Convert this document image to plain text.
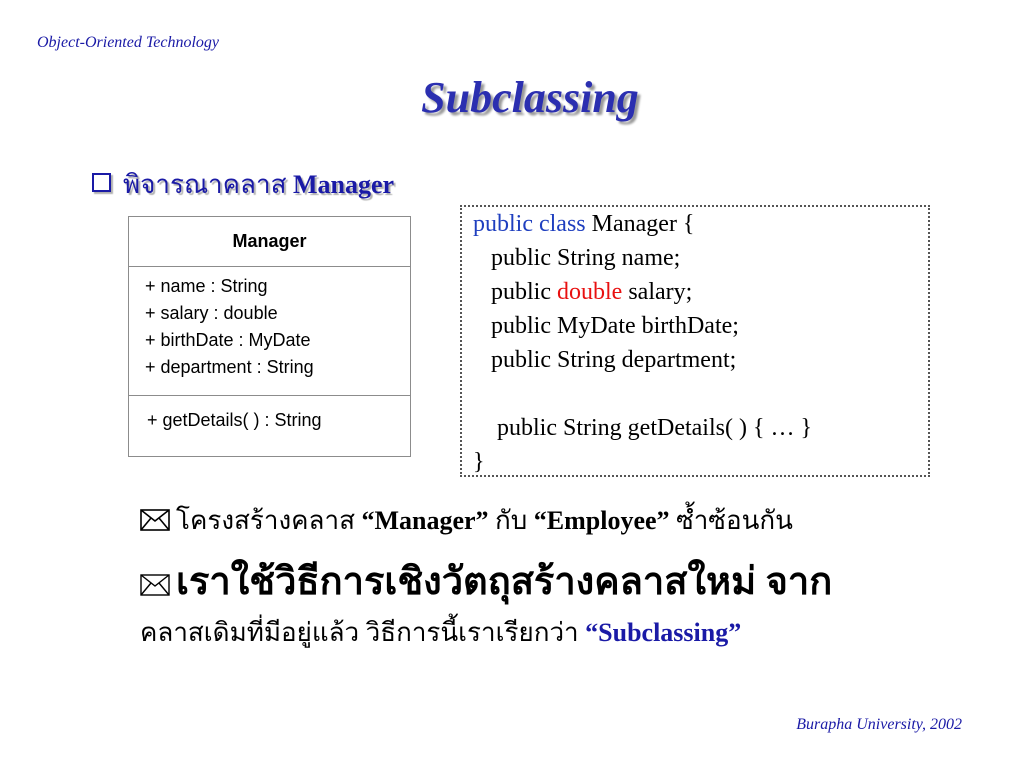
Object-Oriented Technology
Subclassing
พิจารณาคลาส Manager
Manager
+ name : String
+ salary : double
+ birthDate : MyDate
+ department : String
+ getDetails( ) : String
public class Manager {
public String name;
public double salary;
public MyDate birthDate;
public String department;

public String getDetails( ) { … }
}
โครงสร้างคลาส “Manager” กับ “Employee” ซ้ำซ้อนกัน
เราใช้วิธีการเชิงวัตถุสร้างคลาสใหม่ จาก
คลาสเดิมที่มีอยู่แล้ว วิธีการนี้เราเรียกว่า “Subclassing”
Burapha University, 2002
